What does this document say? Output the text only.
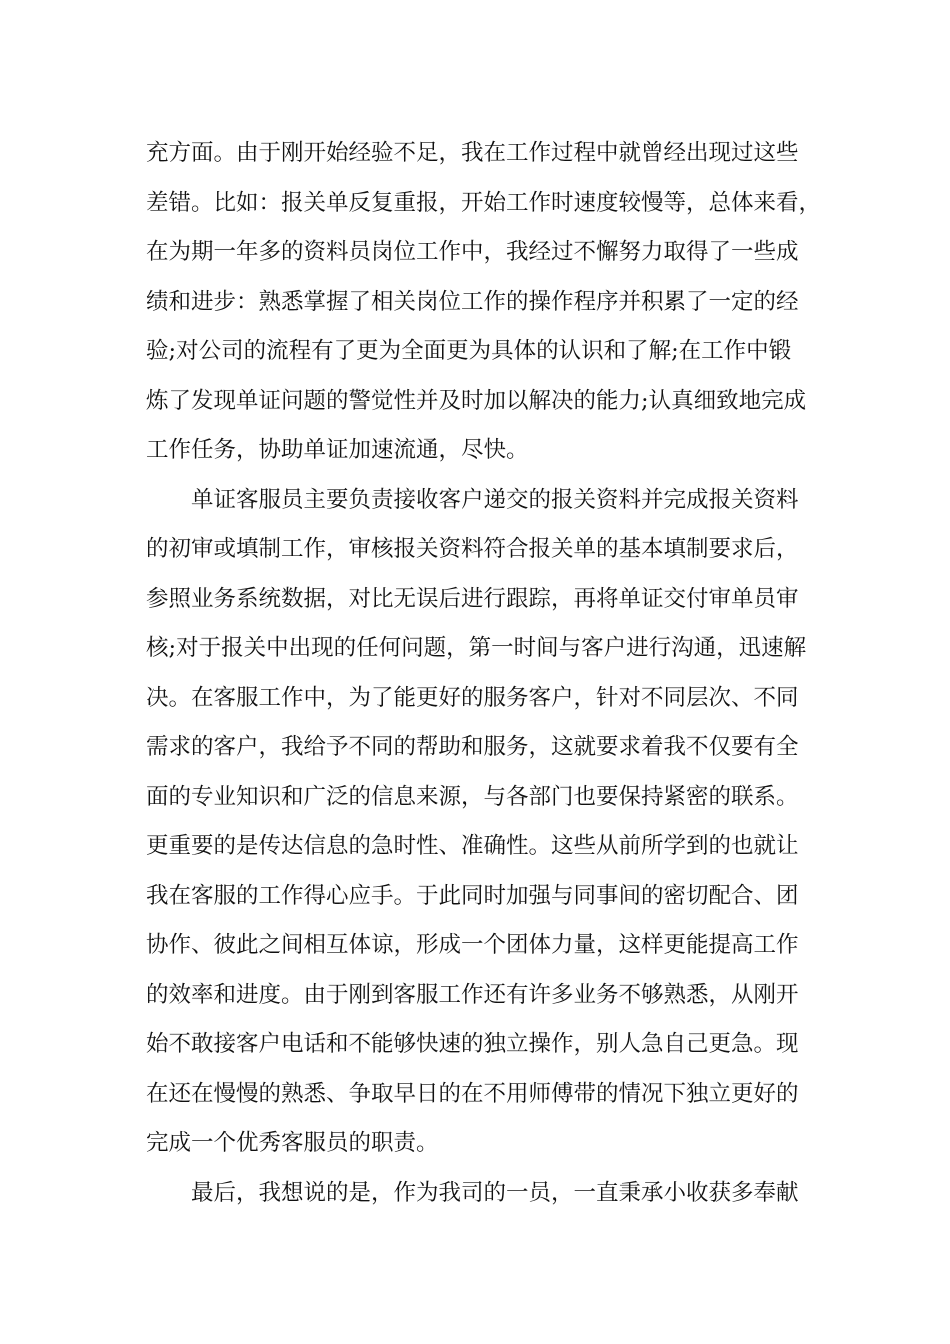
充方面。由于刚开始经验不足，我在工作过程中就曾经出现过这些
差错。比如：报关单反复重报，开始工作时速度较慢等，总体来看，
在为期一年多的资料员岗位工作中，我经过不懈努力取得了一些成
绩和进步：熟悉掌握了相关岗位工作的操作程序并积累了一定的经
验;对公司的流程有了更为全面更为具体的认识和了解;在工作中锻
炼了发现单证问题的警觉性并及时加以解决的能力;认真细致地完成
工作任务，协助单证加速流通，尽快。
单证客服员主要负责接收客户递交的报关资料并完成报关资料
的初审或填制工作，审核报关资料符合报关单的基本填制要求后，
参照业务系统数据，对比无误后进行跟踪，再将单证交付审单员审
核;对于报关中出现的任何问题，第一时间与客户进行沟通，迅速解
决。在客服工作中，为了能更好的服务客户，针对不同层次、不同
需求的客户，我给予不同的帮助和服务，这就要求着我不仅要有全
面的专业知识和广泛的信息来源，与各部门也要保持紧密的联系。
更重要的是传达信息的急时性、准确性。这些从前所学到的也就让
我在客服的工作得心应手。于此同时加强与同事间的密切配合、团
协作、彼此之间相互体谅，形成一个团体力量，这样更能提高工作
的效率和进度。由于刚到客服工作还有许多业务不够熟悉，从刚开
始不敢接客户电话和不能够快速的独立操作，别人急自己更急。现
在还在慢慢的熟悉、争取早日的在不用师傅带的情况下独立更好的
完成一个优秀客服员的职责。
最后，我想说的是，作为我司的一员，一直秉承小收获多奉献
